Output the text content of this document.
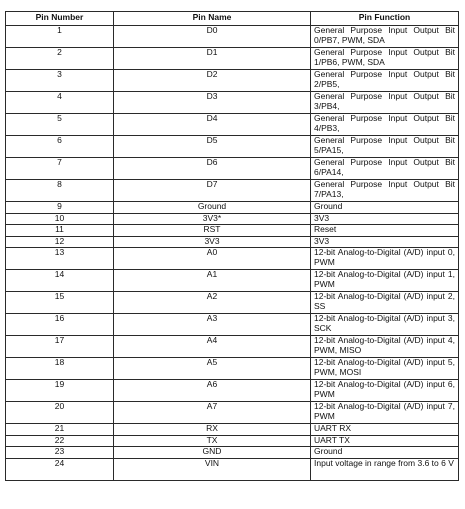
Pin Number	Pin Name	Pin Function
1	D0	General Purpose Input Output Bit 0/PB7, PWM, SDA
2	D1	General Purpose Input Output Bit 1/PB6, PWM, SDA
3	D2	General Purpose Input Output Bit 2/PB5,
4	D3	General Purpose Input Output Bit 3/PB4,
5	D4	General Purpose Input Output Bit 4/PB3,
6	D5	General Purpose Input Output Bit 5/PA15,
7	D6	General Purpose Input Output Bit 6/PA14,
8	D7	General Purpose Input Output Bit 7/PA13,
9	Ground	Ground
10	3V3*	3V3
11	RST	Reset
12	3V3	3V3
13	A0	12-bit Analog-to-Digital (A/D) input 0, PWM
14	A1	12-bit Analog-to-Digital (A/D) input 1, PWM
15	A2	12-bit Analog-to-Digital (A/D) input 2, SS
16	A3	12-bit Analog-to-Digital (A/D) input 3, SCK
17	A4	12-bit Analog-to-Digital (A/D) input 4, PWM, MISO
18	A5	12-bit Analog-to-Digital (A/D) input 5, PWM, MOSI
19	A6	12-bit Analog-to-Digital (A/D) input 6, PWM
20	A7	12-bit Analog-to-Digital (A/D) input 7, PWM
21	RX	UART RX
22	TX	UART TX
23	GND	Ground
24	VIN	Input voltage in range from 3.6 to 6 V
